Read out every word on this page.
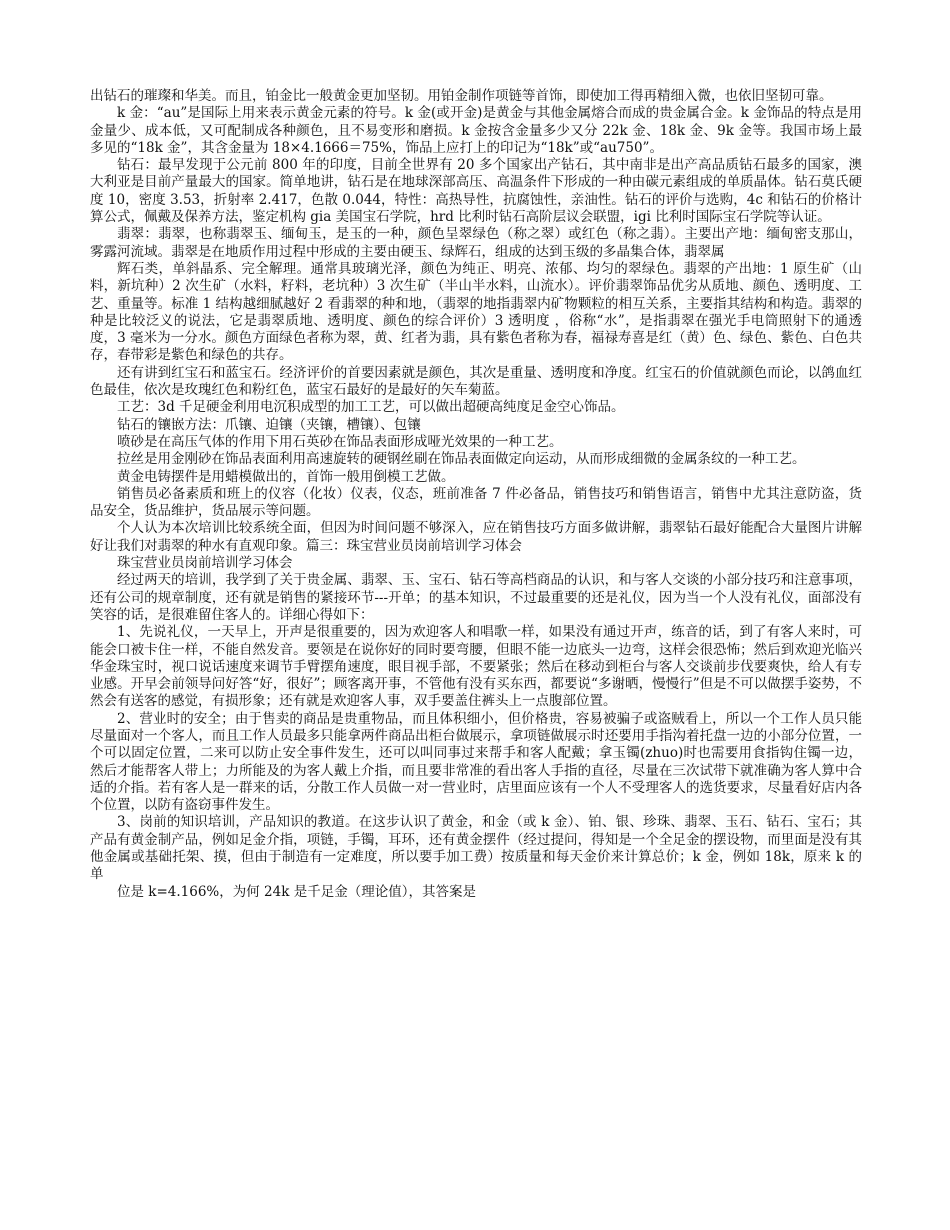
出钻石的璀璨和华美。而且，铂金比一般黄金更加坚韧。用铂金制作项链等首饰，即使加工得再精细入微，也依旧坚韧可靠。

k 金：“au”是国际上用来表示黄金元素的符号。k 金(或开金)是黄金与其他金属熔合而成的贵金属合金。k 金饰品的特点是用金量少、成本低，又可配制成各种颜色，且不易变形和磨损。k 金按含金量多少又分 22k 金、18k 金、9k 金等。我国市场上最多见的“18k 金”，其含金量为 18×4.1666＝75%，饰品上应打上的印记为“18k”或“au750”。

钻石：最早发现于公元前 800 年的印度，目前全世界有 20 多个国家出产钻石，其中南非是出产高品质钻石最多的国家，澳大利亚是目前产量最大的国家。简单地讲，钻石是在地球深部高压、高温条件下形成的一种由碳元素组成的单质晶体。钻石莫氏硬度 10，密度 3.53，折射率 2.417，色散 0.044，特性：高热导性，抗腐蚀性，亲油性。钻石的评价与选购，4c 和钻石的价格计算公式，佩戴及保养方法，鉴定机构 gia 美国宝石学院，hrd 比利时钻石高阶层议会联盟，igi 比利时国际宝石学院等认证。

翡翠：翡翠，也称翡翠玉、缅甸玉，是玉的一种，颜色呈翠绿色（称之翠）或红色（称之翡）。主要出产地：缅甸密支那山，雾露河流域。翡翠是在地质作用过程中形成的主要由硬玉、绿辉石，组成的达到玉级的多晶集合体，翡翠属

辉石类，单斜晶系、完全解理。通常具玻璃光泽，颜色为纯正、明亮、浓郁、均匀的翠绿色。翡翠的产出地：1 原生矿（山料，新坑种）2 次生矿（水料，籽料，老坑种）3 次生矿（半山半水料，山流水）。评价翡翠饰品优劣从质地、颜色、透明度、工艺、重量等。标准 1 结构越细腻越好 2 看翡翠的种和地，（翡翠的地指翡翠内矿物颗粒的相互关系，主要指其结构和构造。翡翠的种是比较泛义的说法，它是翡翠质地、透明度、颜色的综合评价）3 透明度 ，俗称“水”，是指翡翠在强光手电筒照射下的通透度，3 毫米为一分水。颜色方面绿色者称为翠，黄、红者为翡，具有紫色者称为春，福禄寿喜是红（黄）色、绿色、紫色、白色共存，春带彩是紫色和绿色的共存。

还有讲到红宝石和蓝宝石。经济评价的首要因素就是颜色，其次是重量、透明度和净度。红宝石的价值就颜色而论，以鸽血红色最佳，依次是玫瑰红色和粉红色，蓝宝石最好的是最好的矢车菊蓝。

工艺：3d 千足硬金利用电沉积成型的加工工艺，可以做出超硬高纯度足金空心饰品。

钻石的镶嵌方法：爪镶、迫镶（夹镶，槽镶）、包镶

喷砂是在高压气体的作用下用石英砂在饰品表面形成哑光效果的一种工艺。

拉丝是用金刚砂在饰品表面利用高速旋转的硬钢丝刷在饰品表面做定向运动，从而形成细微的金属条纹的一种工艺。

黄金电铸摆件是用蜡模做出的，首饰一般用倒模工艺做。

销售员必备素质和班上的仪容（化妆）仪表，仪态，班前准备 7 件必备品，销售技巧和销售语言，销售中尤其注意防盗，货品安全，货品维护，货品展示等问题。

个人认为本次培训比较系统全面，但因为时间问题不够深入，应在销售技巧方面多做讲解，翡翠钻石最好能配合大量图片讲解好让我们对翡翠的种水有直观印象。篇三：珠宝营业员岗前培训学习体会

珠宝营业员岗前培训学习体会

经过两天的培训，我学到了关于贵金属、翡翠、玉、宝石、钻石等高档商品的认识，和与客人交谈的小部分技巧和注意事项，还有公司的规章制度，还有就是销售的紧接环节---开单；的基本知识，不过最重要的还是礼仪，因为当一个人没有礼仪，面部没有笑容的话，是很难留住客人的。详细心得如下：

1、先说礼仪，一天早上，开声是很重要的，因为欢迎客人和唱歌一样，如果没有通过开声，练音的话，到了有客人来时，可能会口被卡住一样，不能自然发音。要领是在说你好的同时要弯腰，但眼不能一边底头一边弯，这样会很恐怖；然后到欢迎光临兴华金珠宝时，视口说话速度来调节手臂摆角速度，眼目视手部，不要紧张；然后在移动到柜台与客人交谈前步伐要爽快，给人有专业感。开早会前领导问好答“好，很好”；顾客离开事，不管他有没有买东西，都要说“多谢晒，慢慢行”但是不可以做摆手姿势，不然会有送客的感觉，有损形象；还有就是欢迎客人事，双手要盖住裤头上一点腹部位置。

2、营业时的安全；由于售卖的商品是贵重物品，而且体积细小，但价格贵，容易被骗子或盗贼看上，所以一个工作人员只能尽量面对一个客人，而且工作人员最多只能拿两件商品出柜台做展示，拿项链做展示时还要用手指沟着托盘一边的小部分位置，一个可以固定位置，二来可以防止安全事件发生，还可以叫同事过来帮手和客人配戴；拿玉镯(zhuo)时也需要用食指钩住镯一边，然后才能帮客人带上；力所能及的为客人戴上介指，而且要非常准的看出客人手指的直径，尽量在三次试带下就准确为客人算中合适的介指。若有客人是一群来的话，分散工作人员做一对一营业时，店里面应该有一个人不受理客人的选货要求，尽量看好店内各个位置，以防有盗窃事件发生。

3、岗前的知识培训，产品知识的教道。在这步认识了黄金，和金（或 k 金）、铂、银、珍珠、翡翠、玉石、钻石、宝石；其产品有黄金制产品，例如足金介指，项链，手镯，耳环，还有黄金摆件（经过提问，得知是一个全足金的摆设物，而里面是没有其他金属或基础托架、摸，但由于制造有一定难度，所以要手加工费）按质量和每天金价来计算总价；k 金，例如 18k，原来 k 的单

位是 k=4.166%，为何 24k 是千足金（理论值），其答案是
